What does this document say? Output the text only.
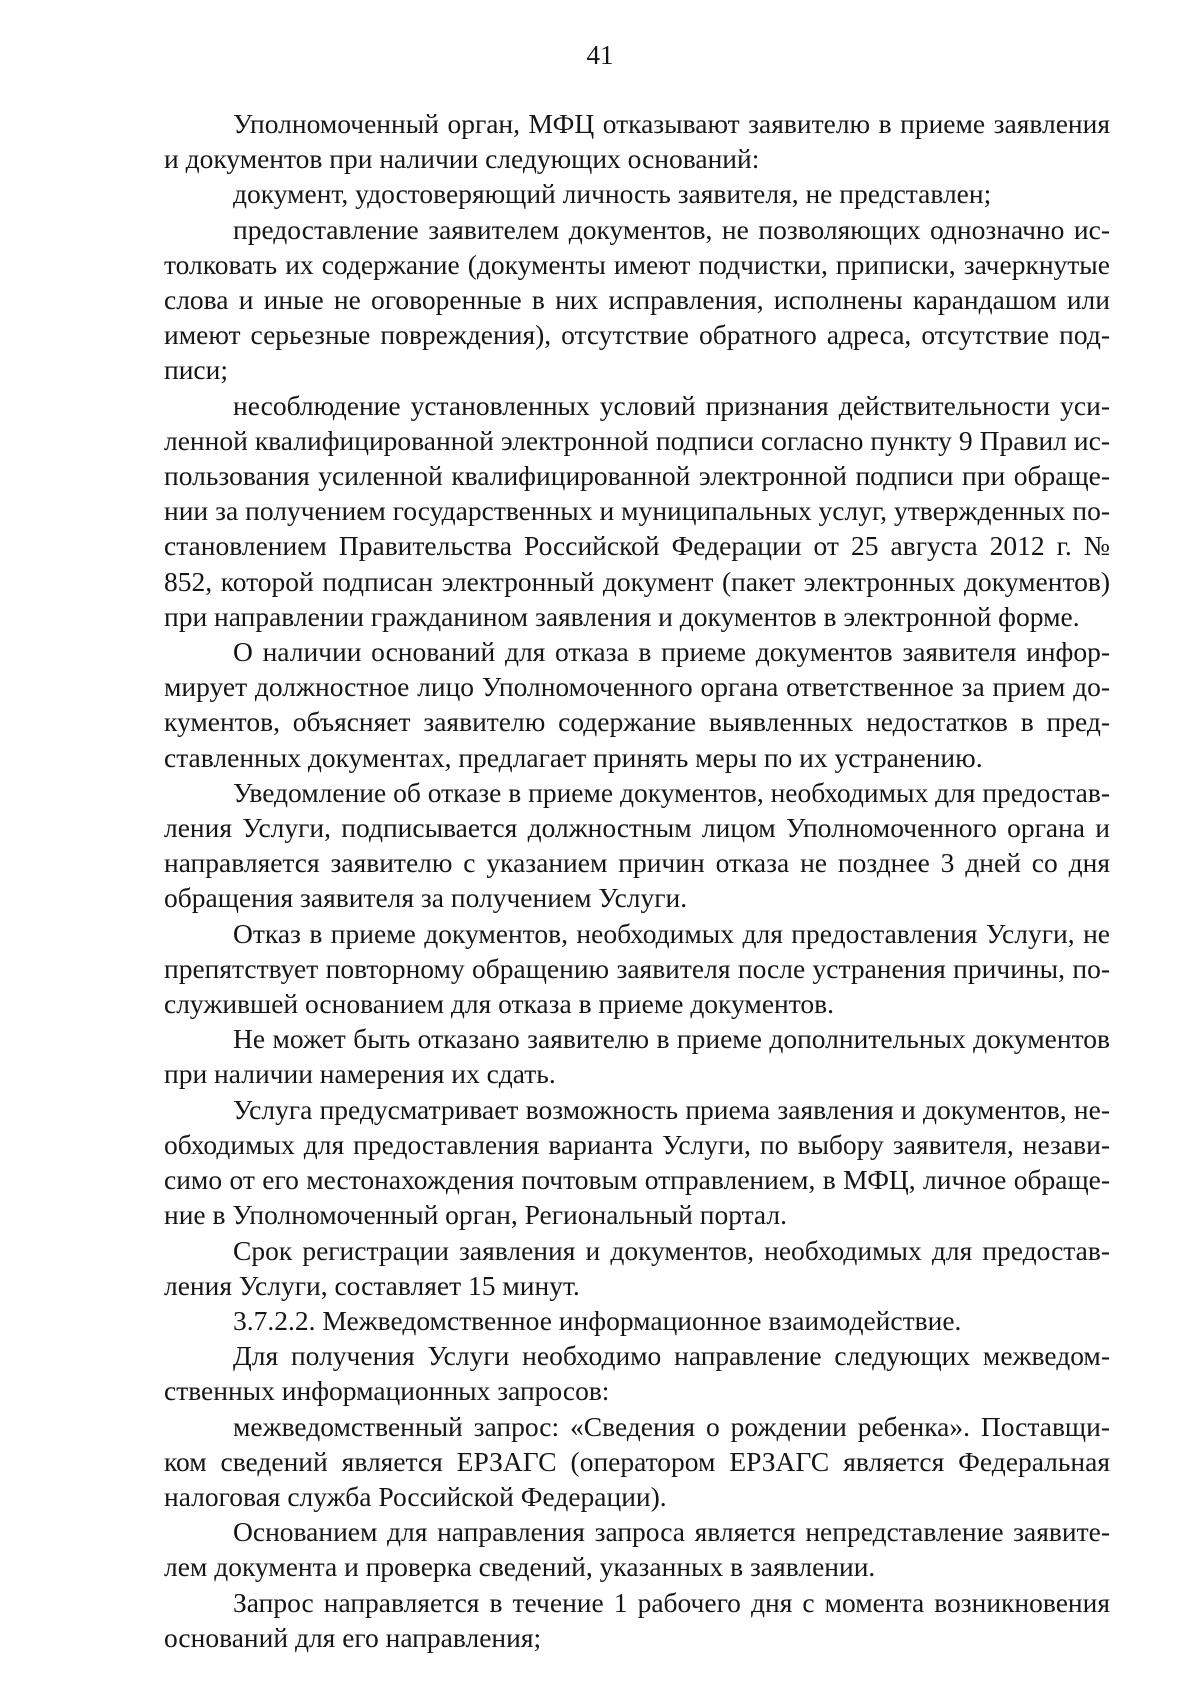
41

Уполномоченный орган, МФЦ отказывают заявителю в приеме заявления и документов при наличии следующих оснований:

документ, удостоверяющий личность заявителя, не представлен;

предоставление заявителем документов, не позволяющих однозначно истолковать их содержание (документы имеют подчистки, приписки, зачеркнутые слова и иные не оговоренные в них исправления, исполнены карандашом или имеют серьезные повреждения), отсутствие обратного адреса, отсутствие подписи;

несоблюдение установленных условий признания действительности усиленной квалифицированной электронной подписи согласно пункту 9 Правил использования усиленной квалифицированной электронной подписи при обращении за получением государственных и муниципальных услуг, утвержденных постановлением Правительства Российской Федерации от 25 августа 2012 г. № 852, которой подписан электронный документ (пакет электронных документов) при направлении гражданином заявления и документов в электронной форме.

О наличии оснований для отказа в приеме документов заявителя информирует должностное лицо Уполномоченного органа ответственное за прием документов, объясняет заявителю содержание выявленных недостатков в представленных документах, предлагает принять меры по их устранению.

Уведомление об отказе в приеме документов, необходимых для предоставления Услуги, подписывается должностным лицом Уполномоченного органа и направляется заявителю с указанием причин отказа не позднее 3 дней со дня обращения заявителя за получением Услуги.

Отказ в приеме документов, необходимых для предоставления Услуги, не препятствует повторному обращению заявителя после устранения причины, послужившей основанием для отказа в приеме документов.

Не может быть отказано заявителю в приеме дополнительных документов при наличии намерения их сдать.

Услуга предусматривает возможность приема заявления и документов, необходимых для предоставления варианта Услуги, по выбору заявителя, независимо от его местонахождения почтовым отправлением, в МФЦ, личное обращение в Уполномоченный орган, Региональный портал.

Срок регистрации заявления и документов, необходимых для предоставления Услуги, составляет 15 минут.

3.7.2.2. Межведомственное информационное взаимодействие.

Для получения Услуги необходимо направление следующих межведомственных информационных запросов:

межведомственный запрос: «Сведения о рождении ребенка». Поставщиком сведений является ЕРЗАГС (оператором ЕРЗАГС является Федеральная налоговая служба Российской Федерации).

Основанием для направления запроса является непредставление заявителем документа и проверка сведений, указанных в заявлении.

Запрос направляется в течение 1 рабочего дня с момента возникновения оснований для его направления;
